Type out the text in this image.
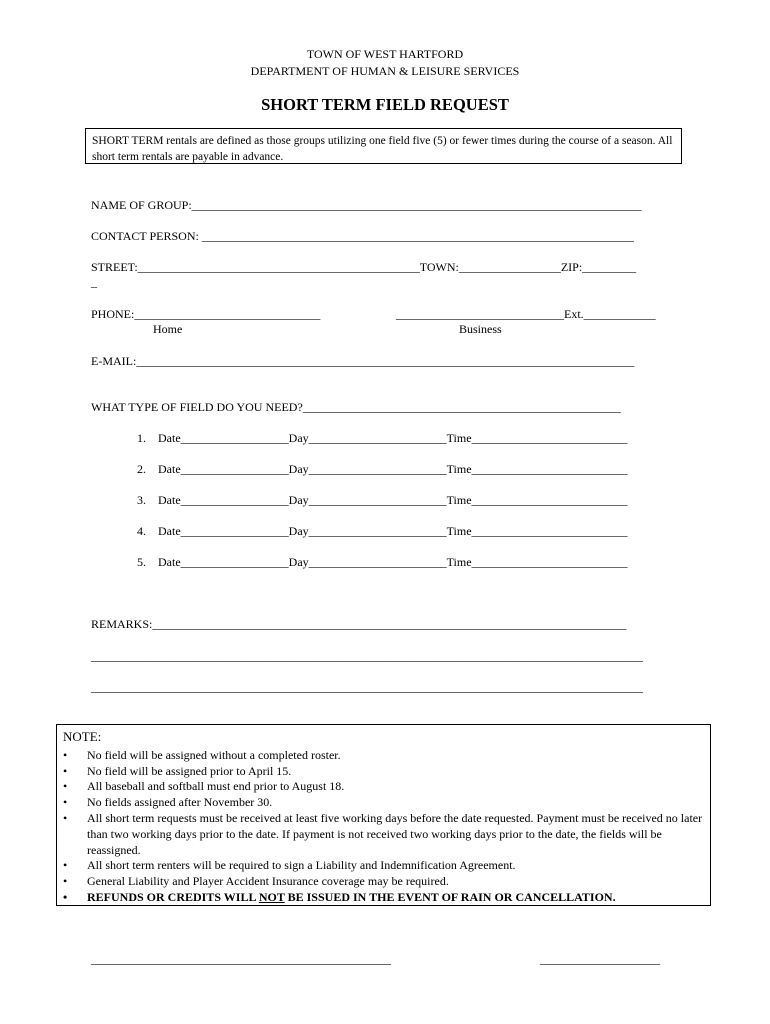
TOWN OF WEST HARTFORD
DEPARTMENT OF HUMAN & LEISURE SERVICES
SHORT TERM FIELD REQUEST
SHORT TERM rentals are defined as those groups utilizing one field five (5) or fewer times during the course of a season. All short term rentals are payable in advance.
NAME OF GROUP:___________________________________________________________________________
CONTACT PERSON: ________________________________________________________________________
STREET:_______________________________________________TOWN:_________________ZIP:_________
_
PHONE:_______________________________	____________________________Ext.____________
Home	Business
E-MAIL:___________________________________________________________________________________
WHAT TYPE OF FIELD DO YOU NEED?_____________________________________________________
1. Date__________________Day_______________________Time__________________________
2. Date__________________Day_______________________Time__________________________
3. Date__________________Day_______________________Time__________________________
4. Date__________________Day_______________________Time__________________________
5. Date__________________Day_______________________Time__________________________
REMARKS:_______________________________________________________________________________
____________________________________________________________________________________________
____________________________________________________________________________________________
NOTE:
• No field will be assigned without a completed roster.
• No field will be assigned prior to April 15.
• All baseball and softball must end prior to August 18.
• No fields assigned after November 30.
• All short term requests must be received at least five working days before the date requested. Payment must be received no later than two working days prior to the date. If payment is not received two working days prior to the date, the fields will be reassigned.
• All short term renters will be required to sign a Liability and Indemnification Agreement.
• General Liability and Player Accident Insurance coverage may be required.
• REFUNDS OR CREDITS WILL NOT BE ISSUED IN THE EVENT OF RAIN OR CANCELLATION.
__________________________________________________	____________________
